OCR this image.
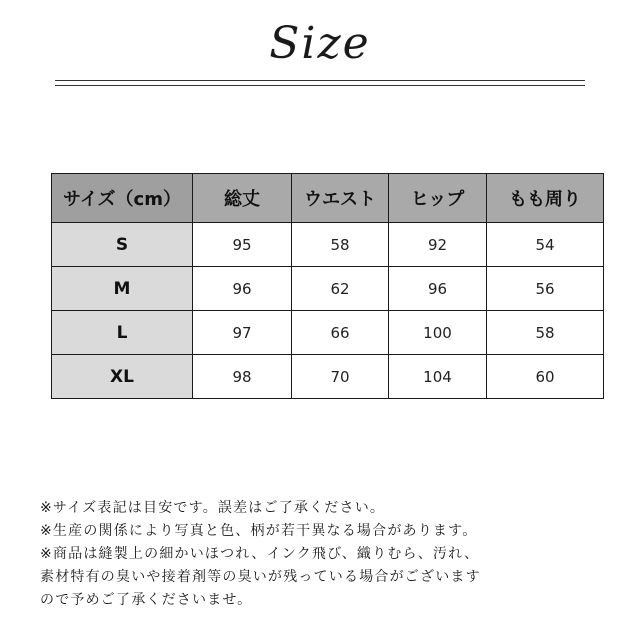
Size
サイズ（cm）	総丈	ウエスト	ヒップ	もも周り
S	95	58	92	54
M	96	62	96	56
L	97	66	100	58
XL	98	70	104	60
※サイズ表記は目安です。誤差はご了承ください。
※生産の関係により写真と色、柄が若干異なる場合があります。
※商品は縫製上の細かいほつれ、インク飛び、織りむら、汚れ、
素材特有の臭いや接着剤等の臭いが残っている場合がございます
ので予めご了承くださいませ。
